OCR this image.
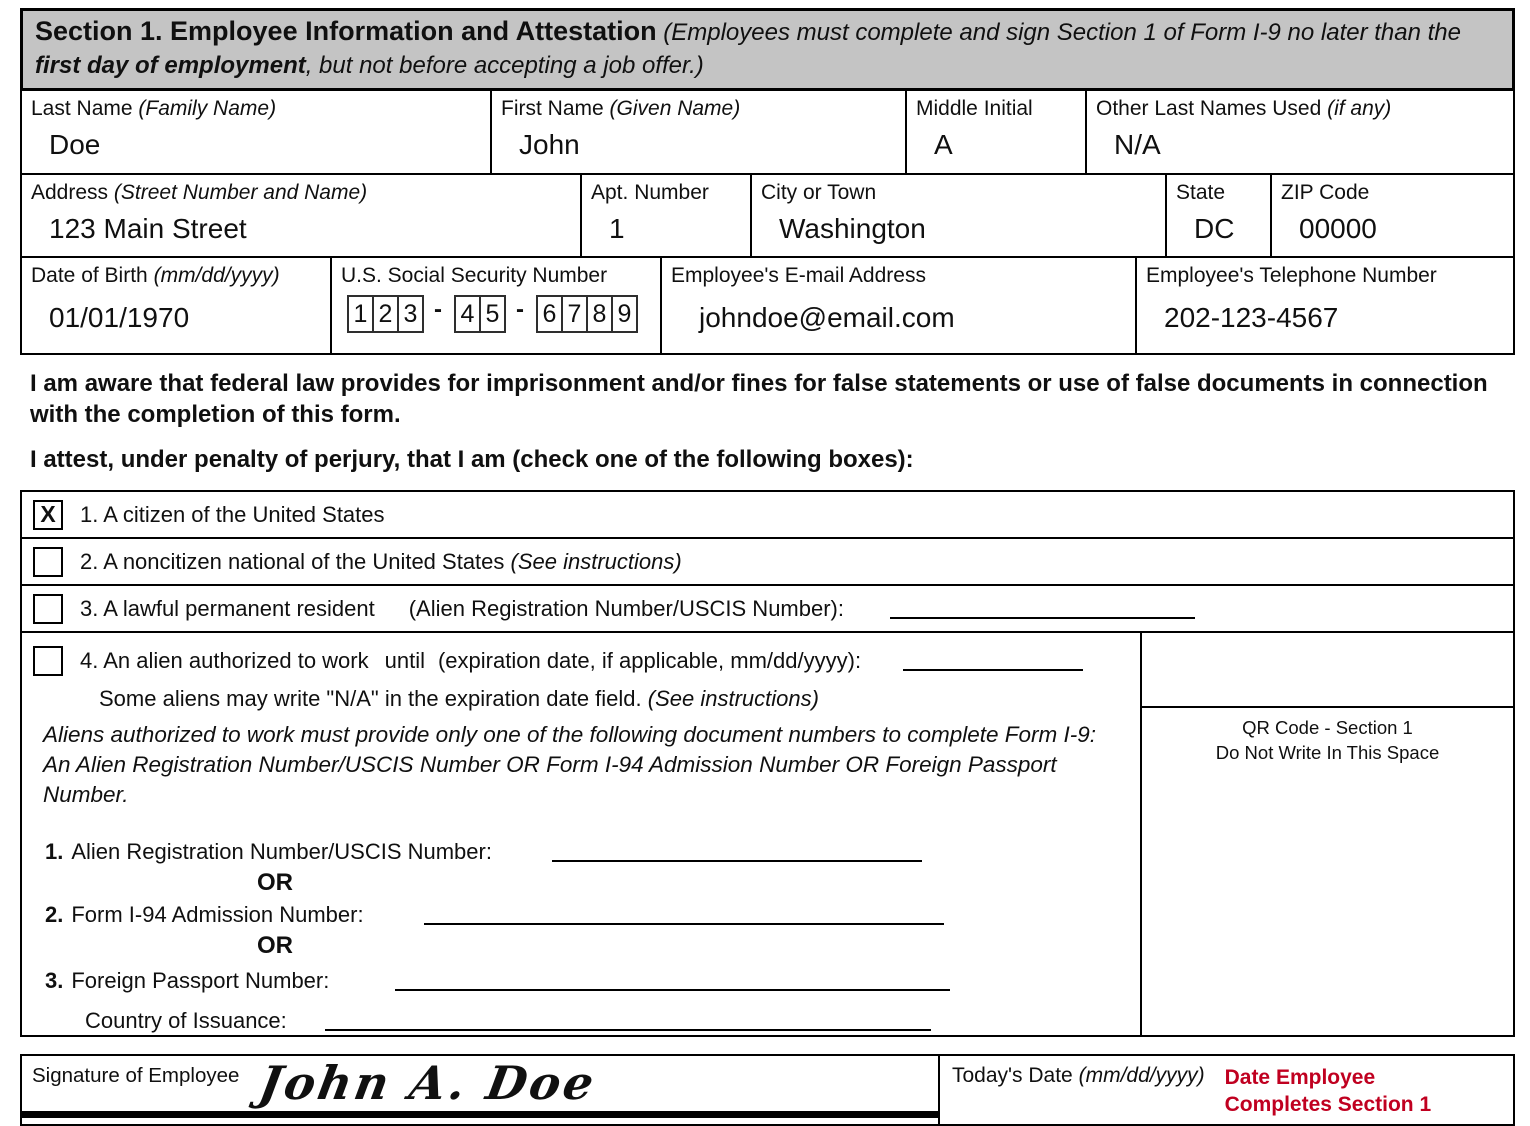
Section 1. Employee Information and Attestation (Employees must complete and sign Section 1 of Form I-9 no later than the first day of employment, but not before accepting a job offer.)
Last Name (Family Name)
Doe
First Name (Given Name)
John
Middle Initial
A
Other Last Names Used (if any)
N/A
Address (Street Number and Name)
123 Main Street
Apt. Number
1
City or Town
Washington
State
DC
ZIP Code
00000
Date of Birth (mm/dd/yyyy)
01/01/1970
U.S. Social Security Number
1 2 3 - 4 5 - 6 7 8 9
Employee's E-mail Address
johndoe@email.com
Employee's Telephone Number
202-123-4567
I am aware that federal law provides for imprisonment and/or fines for false statements or use of false documents in connection with the completion of this form.
I attest, under penalty of perjury, that I am (check one of the following boxes):
X 1. A citizen of the United States
2. A noncitizen national of the United States
(See instructions)
3. A lawful permanent resident (Alien Registration Number/USCIS Number):
4. An alien authorized to work until (expiration date, if applicable, mm/dd/yyyy):
Some aliens may write "N/A" in the expiration date field. (See instructions)
Aliens authorized to work must provide only one of the following document numbers to complete Form I-9:
An Alien Registration Number/USCIS Number OR Form I-94 Admission Number OR Foreign Passport Number.
1. Alien Registration Number/USCIS Number:
OR
2. Form I-94 Admission Number:
OR
3. Foreign Passport Number:
Country of Issuance:
QR Code - Section 1
Do Not Write In This Space
Signature of Employee John A. Doe	Today's Date (mm/dd/yyyy) Date Employee
Completes Section 1
